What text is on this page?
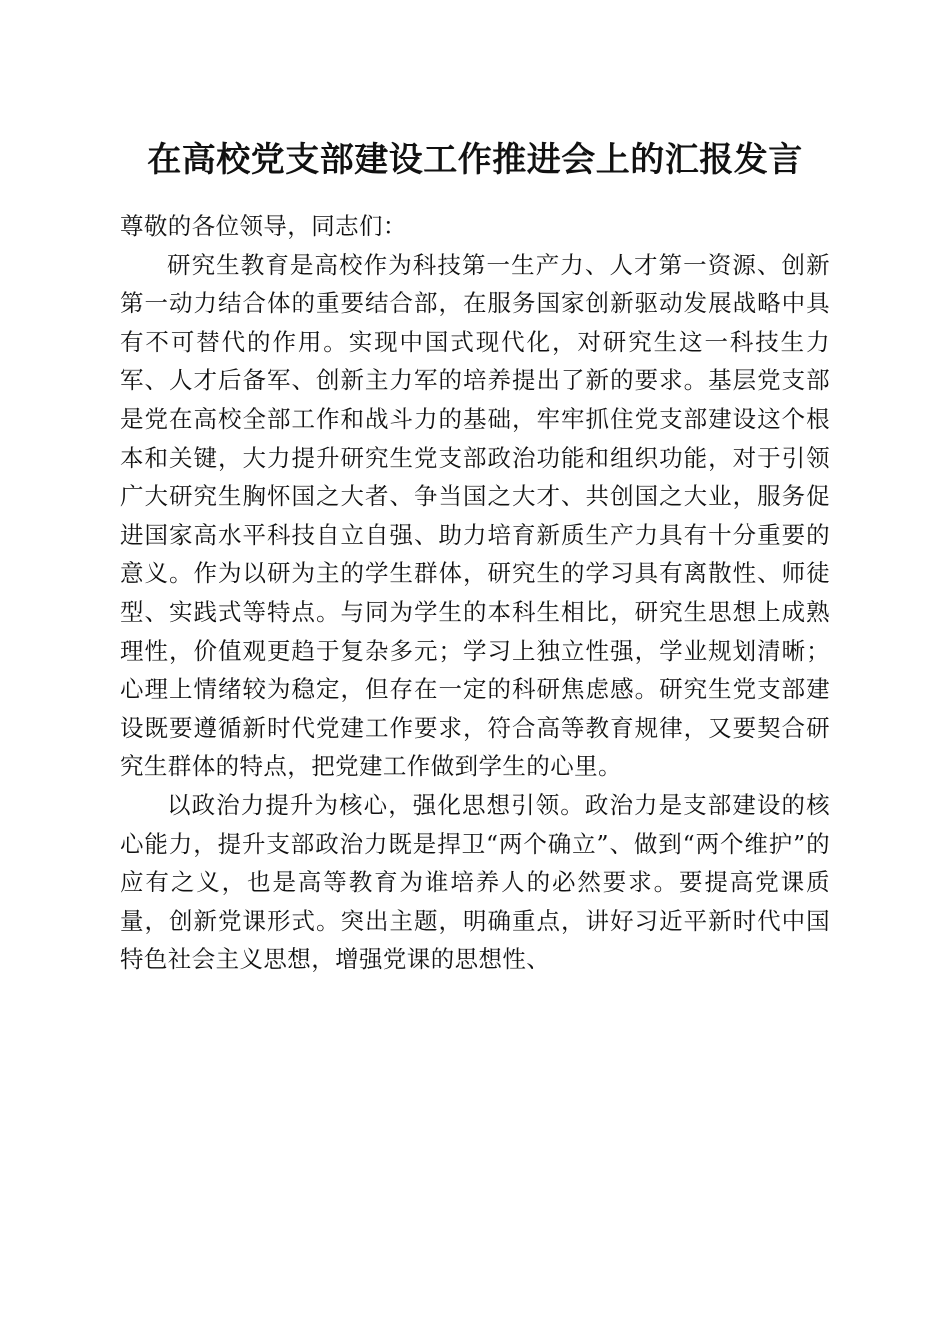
在高校党支部建设工作推进会上的汇报发言

尊敬的各位领导，同志们：

研究生教育是高校作为科技第一生产力、人才第一资源、创新第一动力结合体的重要结合部，在服务国家创新驱动发展战略中具有不可替代的作用。实现中国式现代化，对研究生这一科技生力军、人才后备军、创新主力军的培养提出了新的要求。基层党支部是党在高校全部工作和战斗力的基础，牢牢抓住党支部建设这个根本和关键，大力提升研究生党支部政治功能和组织功能，对于引领广大研究生胸怀国之大者、争当国之大才、共创国之大业，服务促进国家高水平科技自立自强、助力培育新质生产力具有十分重要的意义。作为以研为主的学生群体，研究生的学习具有离散性、师徒型、实践式等特点。与同为学生的本科生相比，研究生思想上成熟理性，价值观更趋于复杂多元；学习上独立性强，学业规划清晰；心理上情绪较为稳定，但存在一定的科研焦虑感。研究生党支部建设既要遵循新时代党建工作要求，符合高等教育规律，又要契合研究生群体的特点，把党建工作做到学生的心里。

以政治力提升为核心，强化思想引领。政治力是支部建设的核心能力，提升支部政治力既是捍卫“两个确立”、做到“两个维护”的应有之义，也是高等教育为谁培养人的必然要求。要提高党课质量，创新党课形式。突出主题，明确重点，讲好习近平新时代中国特色社会主义思想，增强党课的思想性、
